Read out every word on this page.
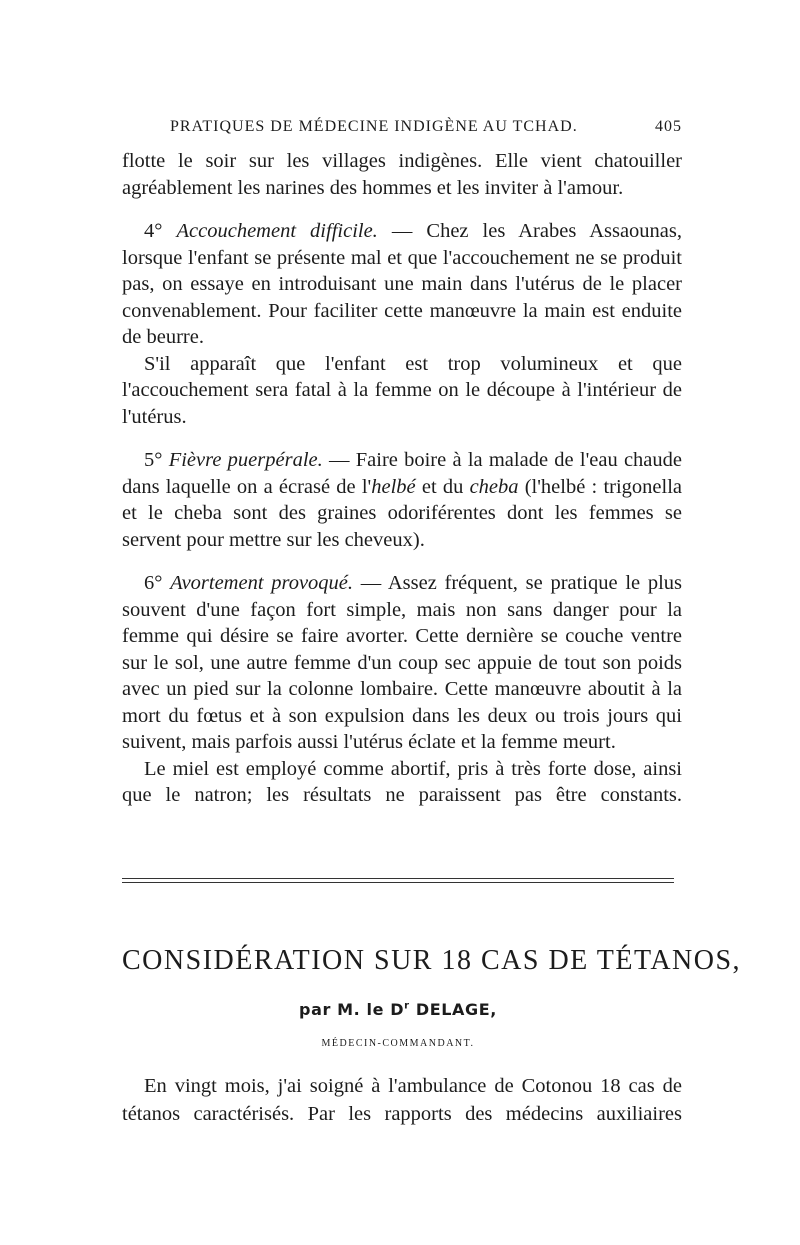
PRATIQUES DE MÉDECINE INDIGÈNE AU TCHAD.	405

flotte le soir sur les villages indigènes. Elle vient chatouiller agréablement les narines des hommes et les inviter à l'amour.

4° Accouchement difficile. — Chez les Arabes Assaounas, lorsque l'enfant se présente mal et que l'accouchement ne se produit pas, on essaye en introduisant une main dans l'utérus de le placer convenablement. Pour faciliter cette manœuvre la main est enduite de beurre.

S'il apparaît que l'enfant est trop volumineux et que l'accouchement sera fatal à la femme on le découpe à l'intérieur de l'utérus.

5° Fièvre puerpérale. — Faire boire à la malade de l'eau chaude dans laquelle on a écrasé de l'helbé et du cheba (l'helbé : trigonella et le cheba sont des graines odoriférentes dont les femmes se servent pour mettre sur les cheveux).

6° Avortement provoqué. — Assez fréquent, se pratique le plus souvent d'une façon fort simple, mais non sans danger pour la femme qui désire se faire avorter. Cette dernière se couche ventre sur le sol, une autre femme d'un coup sec appuie de tout son poids avec un pied sur la colonne lombaire. Cette manœuvre aboutit à la mort du fœtus et à son expulsion dans les deux ou trois jours qui suivent, mais parfois aussi l'utérus éclate et la femme meurt.

Le miel est employé comme abortif, pris à très forte dose, ainsi que le natron; les résultats ne paraissent pas être constants.

CONSIDÉRATION SUR 18 CAS DE TÉTANOS,
par M. le $D^r$ DELAGE,
MÉDECIN-COMMANDANT.

En vingt mois, j'ai soigné à l'ambulance de Cotonou 18 cas de tétanos caractérisés. Par les rapports des médecins auxiliaires
